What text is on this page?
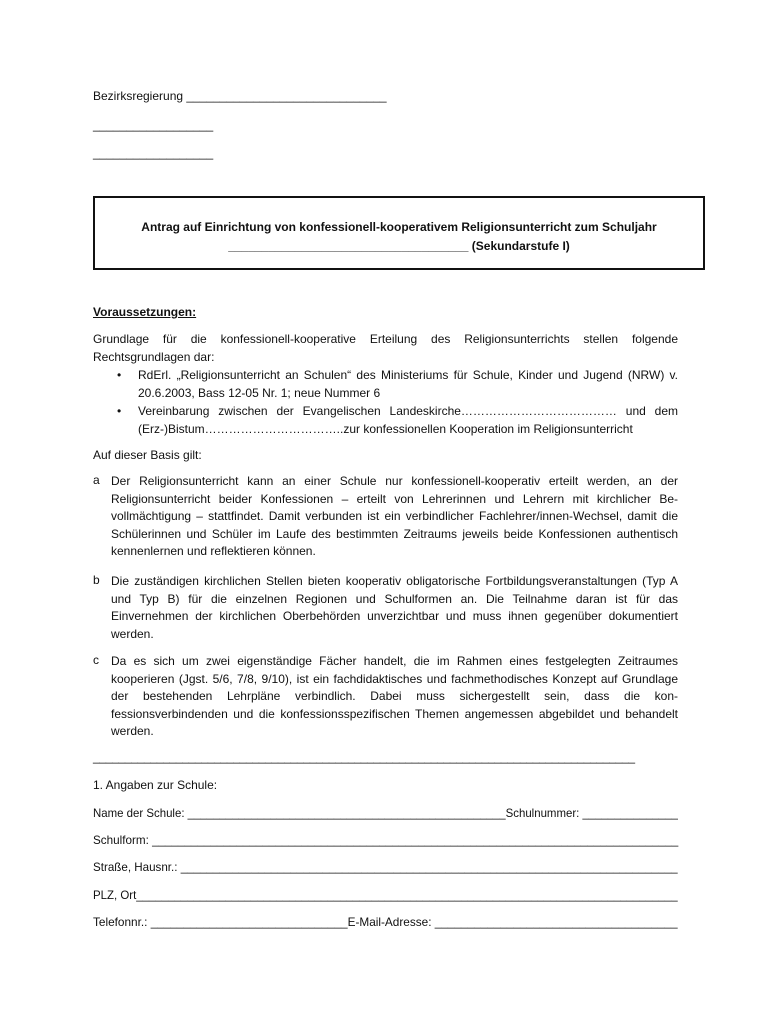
Bezirksregierung ______________________________
__________________
__________________
Antrag auf Einrichtung von konfessionell-kooperativem Religionsunterricht zum Schuljahr
____________________________________ (Sekundarstufe I)
Voraussetzungen:
Grundlage für die konfessionell-kooperative Erteilung des Religionsunterrichts stellen folgende Rechtsgrundlagen dar:
• RdErl. „Religionsunterricht an Schulen“ des Ministeriums für Schule, Kinder und Jugend (NRW) v. 20.6.2003, Bass 12-05 Nr. 1; neue Nummer 6
• Vereinbarung zwischen der Evangelischen Landeskirche………………………………… und dem (Erz-)Bistum……………………………..zur konfessionellen Kooperation im Religionsunterricht
Auf dieser Basis gilt:
a Der Religionsunterricht kann an einer Schule nur konfessionell-kooperativ erteilt werden, an der Religionsunterricht beider Konfessionen – erteilt von Lehrerinnen und Lehrern mit kirchlicher Bevollmächtigung – stattfindet. Damit verbunden ist ein verbindlicher Fachlehrer/innen-Wechsel, damit die Schülerinnen und Schüler im Laufe des bestimmten Zeitraums jeweils beide Konfessionen authentisch kennenlernen und reflektieren können.
b Die zuständigen kirchlichen Stellen bieten kooperativ obligatorische Fortbildungsveranstaltungen (Typ A und Typ B) für die einzelnen Regionen und Schulformen an. Die Teilnahme daran ist für das Einvernehmen der kirchlichen Oberbehörden unverzichtbar und muss ihnen gegenüber dokumentiert werden.
c Da es sich um zwei eigenständige Fächer handelt, die im Rahmen eines festgelegten Zeitraumes kooperieren (Jgst. 5/6, 7/8, 9/10), ist ein fachdidaktisches und fachmethodisches Konzept auf Grundlage der bestehenden Lehrpläne verbindlich. Dabei muss sichergestellt sein, dass die konfessionsverbindenden und die konfessionsspezifischen Themen angemessen abgebildet und behandelt werden.
_____________________________________________________________________________________
1. Angaben zur Schule:
Name der Schule: __________________________________________________Schulnummer: _______________
Schulform: _________________________________________________________________________________
Straße, Hausnr.: _____________________________________________________________________________
PLZ, Ort_____________________________________________________________________________________
Telefonnr.: ______________________________E-Mail-Adresse: _____________________________________
